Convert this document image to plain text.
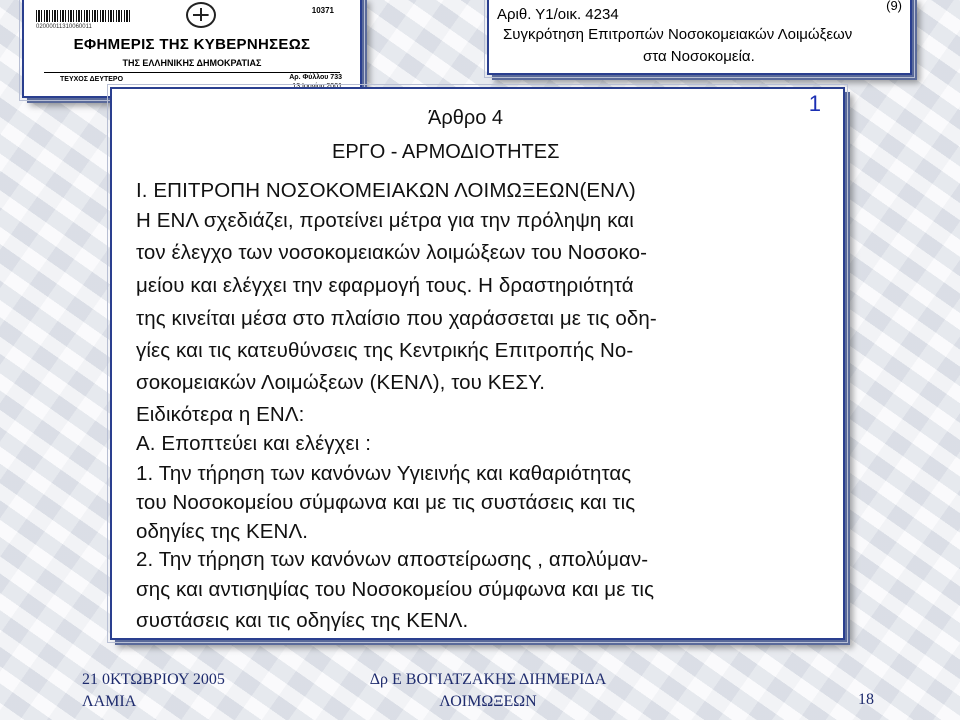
02000011310060011
10371
ΕΦΗΜΕΡΙΣ ΤΗΣ ΚΥΒΕΡΝΗΣΕΩΣ
ΤΗΣ ΕΛΛΗΝΙΚΗΣ ΔΗΜΟΚΡΑΤΙΑΣ
ΤΕΥΧΟΣ ΔΕΥΤΕΡΟ	Αρ. Φύλλου 733
Αριθ. Υ1/οικ. 4234
(9)
Συγκρότηση Επιτροπών Νοσοκομειακών Λοιμώξεων
στα Νοσοκομεία.
1
Άρθρο 4
ΕΡΓΟ - ΑΡΜΟΔΙΟΤΗΤΕΣ
Ι. ΕΠΙΤΡΟΠΗ ΝΟΣΟΚΟΜΕΙΑΚΩΝ ΛΟΙΜΩΞΕΩΝ(ΕΝΛ)
Η ΕΝΛ σχεδιάζει, προτείνει μέτρα για την πρόληψη και
τον έλεγχο των νοσοκομειακών λοιμώξεων του Νοσοκο-
μείου και ελέγχει την εφαρμογή τους. Η δραστηριότητά
της κινείται μέσα στο πλαίσιο που χαράσσεται με τις οδη-
γίες και τις κατευθύνσεις της Κεντρικής Επιτροπής Νο-
σοκομειακών Λοιμώξεων (ΚΕΝΛ), του ΚΕΣΥ.
Ειδικότερα η ΕΝΛ:
Α. Εποπτεύει και ελέγχει :
1. Την τήρηση των κανόνων Υγιεινής και καθαριότητας
του Νοσοκομείου σύμφωνα και με τις συστάσεις και τις
οδηγίες της ΚΕΝΛ.
2. Την τήρηση των κανόνων αποστείρωσης , απολύμαν-
σης και αντισηψίας του Νοσοκομείου σύμφωνα και με τις
συστάσεις και τις οδηγίες της ΚΕΝΛ.
21 0ΚΤΩΒΡΙΟΥ 2005
ΛΑΜΙΑ
Δρ Ε ΒΟΓΙΑΤΖΑΚΗΣ ΔΙΗΜΕΡΙΔΑ
ΛΟΙΜΩΞΕΩΝ	18
